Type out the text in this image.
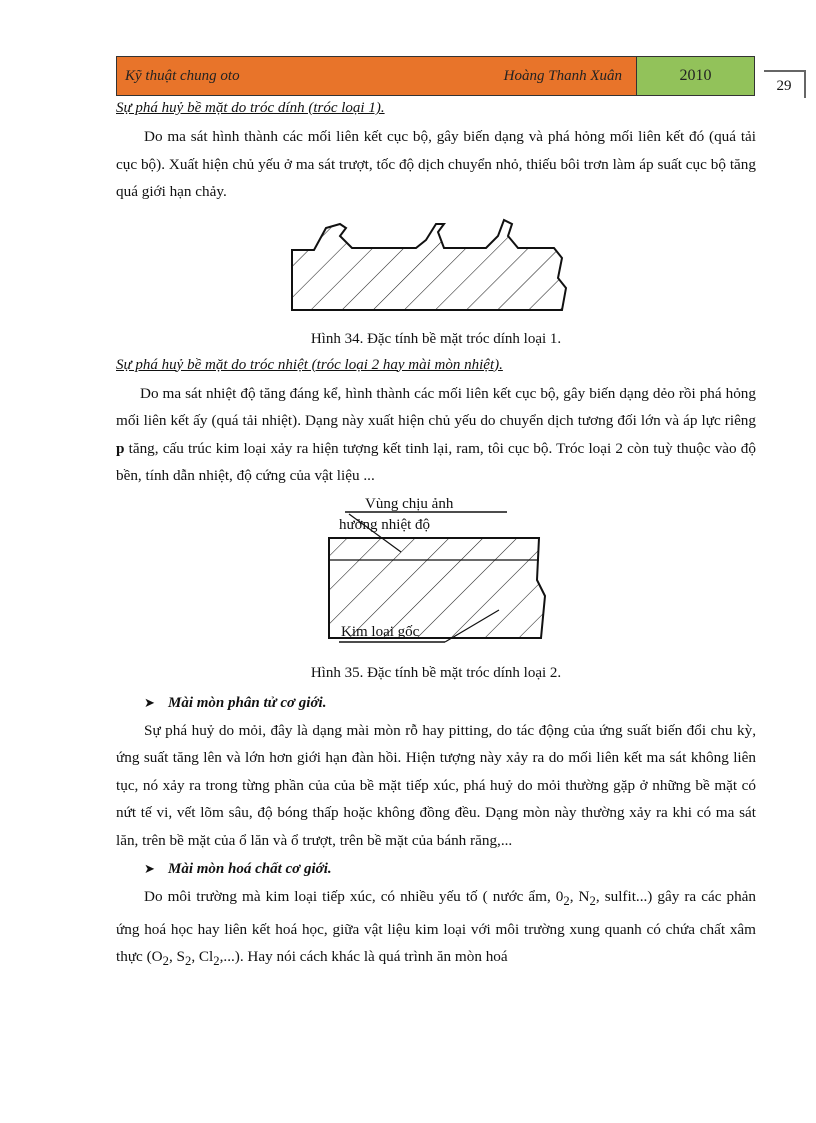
Kỹ thuật chung oto	Hoàng Thanh Xuân	2010
29

Sự phá huỷ bề mặt do tróc dính (tróc loại 1).

Do ma sát hình thành các mối liên kết cục bộ, gây biến dạng và phá hỏng mối liên kết đó (quá tải cục bộ). Xuất hiện chủ yếu ở ma sát trượt, tốc độ dịch chuyển nhỏ, thiếu bôi trơn làm áp suất cục bộ tăng quá giới hạn chảy.

Hình 34. Đặc tính bề mặt tróc dính loại 1.

Sự phá huỷ bề mặt do tróc nhiệt (tróc loại 2 hay mài mòn nhiệt).

Do ma sát nhiệt độ tăng đáng kể, hình thành các mối liên kết cục bộ, gây biến dạng dẻo rồi phá hỏng mối liên kết ấy (quá tải nhiệt). Dạng này xuất hiện chủ yếu do chuyển dịch tương đối lớn và áp lực riêng p tăng, cấu trúc kim loại xảy ra hiện tượng kết tinh lại, ram, tôi cục bộ. Tróc loại 2 còn tuỳ thuộc vào độ bền, tính dẫn nhiệt, độ cứng của vật liệu ...

Vùng chịu ảnh
hưởng nhiệt độ
Kim loại gốc

Hình 35. Đặc tính bề mặt tróc dính loại 2.

➤ Mài mòn phân tử cơ giới.

Sự phá huỷ do mỏi, đây là dạng mài mòn rỗ hay pitting, do tác động của ứng suất biến đổi chu kỳ, ứng suất tăng lên và lớn hơn giới hạn đàn hồi. Hiện tượng này xảy ra do mối liên kết ma sát không liên tục, nó xảy ra trong từng phần của của bề mặt tiếp xúc, phá huỷ do mỏi thường gặp ở những bề mặt có nứt tế vi, vết lõm sâu, độ bóng thấp hoặc không đồng đều. Dạng mòn này thường xảy ra khi có ma sát lăn, trên bề mặt của ổ lăn và ổ trượt, trên bề mặt của bánh răng,...

➤ Mài mòn hoá chất cơ giới.

Do môi trường mà kim loại tiếp xúc, có nhiều yếu tố ( nước ẩm, $0_2$, $N_2$, sulfit...) gây ra các phản ứng hoá học hay liên kết hoá học, giữa vật liệu kim loại với môi trường xung quanh có chứa chất xâm thực ($O_2$, $S_2$, $Cl_2$,...). Hay nói cách khác là quá trình ăn mòn hoá
